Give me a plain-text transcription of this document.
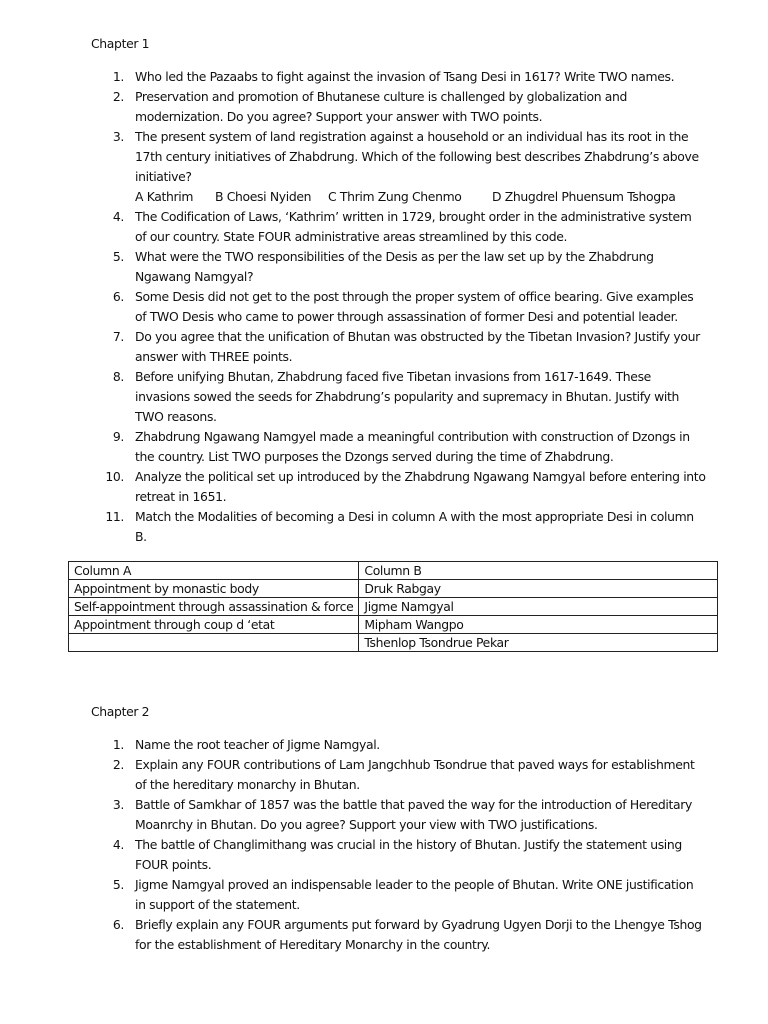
Chapter 1
1. Who led the Pazaabs to fight against the invasion of Tsang Desi in 1617? Write TWO names.
2. Preservation and promotion of Bhutanese culture is challenged by globalization and
modernization. Do you agree? Support your answer with TWO points.
3. The present system of land registration against a household or an individual has its root in the
17th century initiatives of Zhabdrung. Which of the following best describes Zhabdrung’s above
initiative?
A Kathrim B Choesi Nyiden C Thrim Zung Chenmo D Zhugdrel Phuensum Tshogpa
4. The Codification of Laws, ‘Kathrim’ written in 1729, brought order in the administrative system
of our country. State FOUR administrative areas streamlined by this code.
5. What were the TWO responsibilities of the Desis as per the law set up by the Zhabdrung
Ngawang Namgyal?
6. Some Desis did not get to the post through the proper system of office bearing. Give examples
of TWO Desis who came to power through assassination of former Desi and potential leader.
7. Do you agree that the unification of Bhutan was obstructed by the Tibetan Invasion? Justify your
answer with THREE points.
8. Before unifying Bhutan, Zhabdrung faced five Tibetan invasions from 1617-1649. These
invasions sowed the seeds for Zhabdrung’s popularity and supremacy in Bhutan. Justify with
TWO reasons.
9. Zhabdrung Ngawang Namgyel made a meaningful contribution with construction of Dzongs in
the country. List TWO purposes the Dzongs served during the time of Zhabdrung.
10. Analyze the political set up introduced by the Zhabdrung Ngawang Namgyal before entering into
retreat in 1651.
11. Match the Modalities of becoming a Desi in column A with the most appropriate Desi in column
B.
Column A	Column B
Appointment by monastic body	Druk Rabgay
Self-appointment through assassination & force	Jigme Namgyal
Appointment through coup d ‘etat	Mipham Wangpo
	Tshenlop Tsondrue Pekar
Chapter 2
1. Name the root teacher of Jigme Namgyal.
2. Explain any FOUR contributions of Lam Jangchhub Tsondrue that paved ways for establishment
of the hereditary monarchy in Bhutan.
3. Battle of Samkhar of 1857 was the battle that paved the way for the introduction of Hereditary
Moanrchy in Bhutan. Do you agree? Support your view with TWO justifications.
4. The battle of Changlimithang was crucial in the history of Bhutan. Justify the statement using
FOUR points.
5. Jigme Namgyal proved an indispensable leader to the people of Bhutan. Write ONE justification
in support of the statement.
6. Briefly explain any FOUR arguments put forward by Gyadrung Ugyen Dorji to the Lhengye Tshog
for the establishment of Hereditary Monarchy in the country.
